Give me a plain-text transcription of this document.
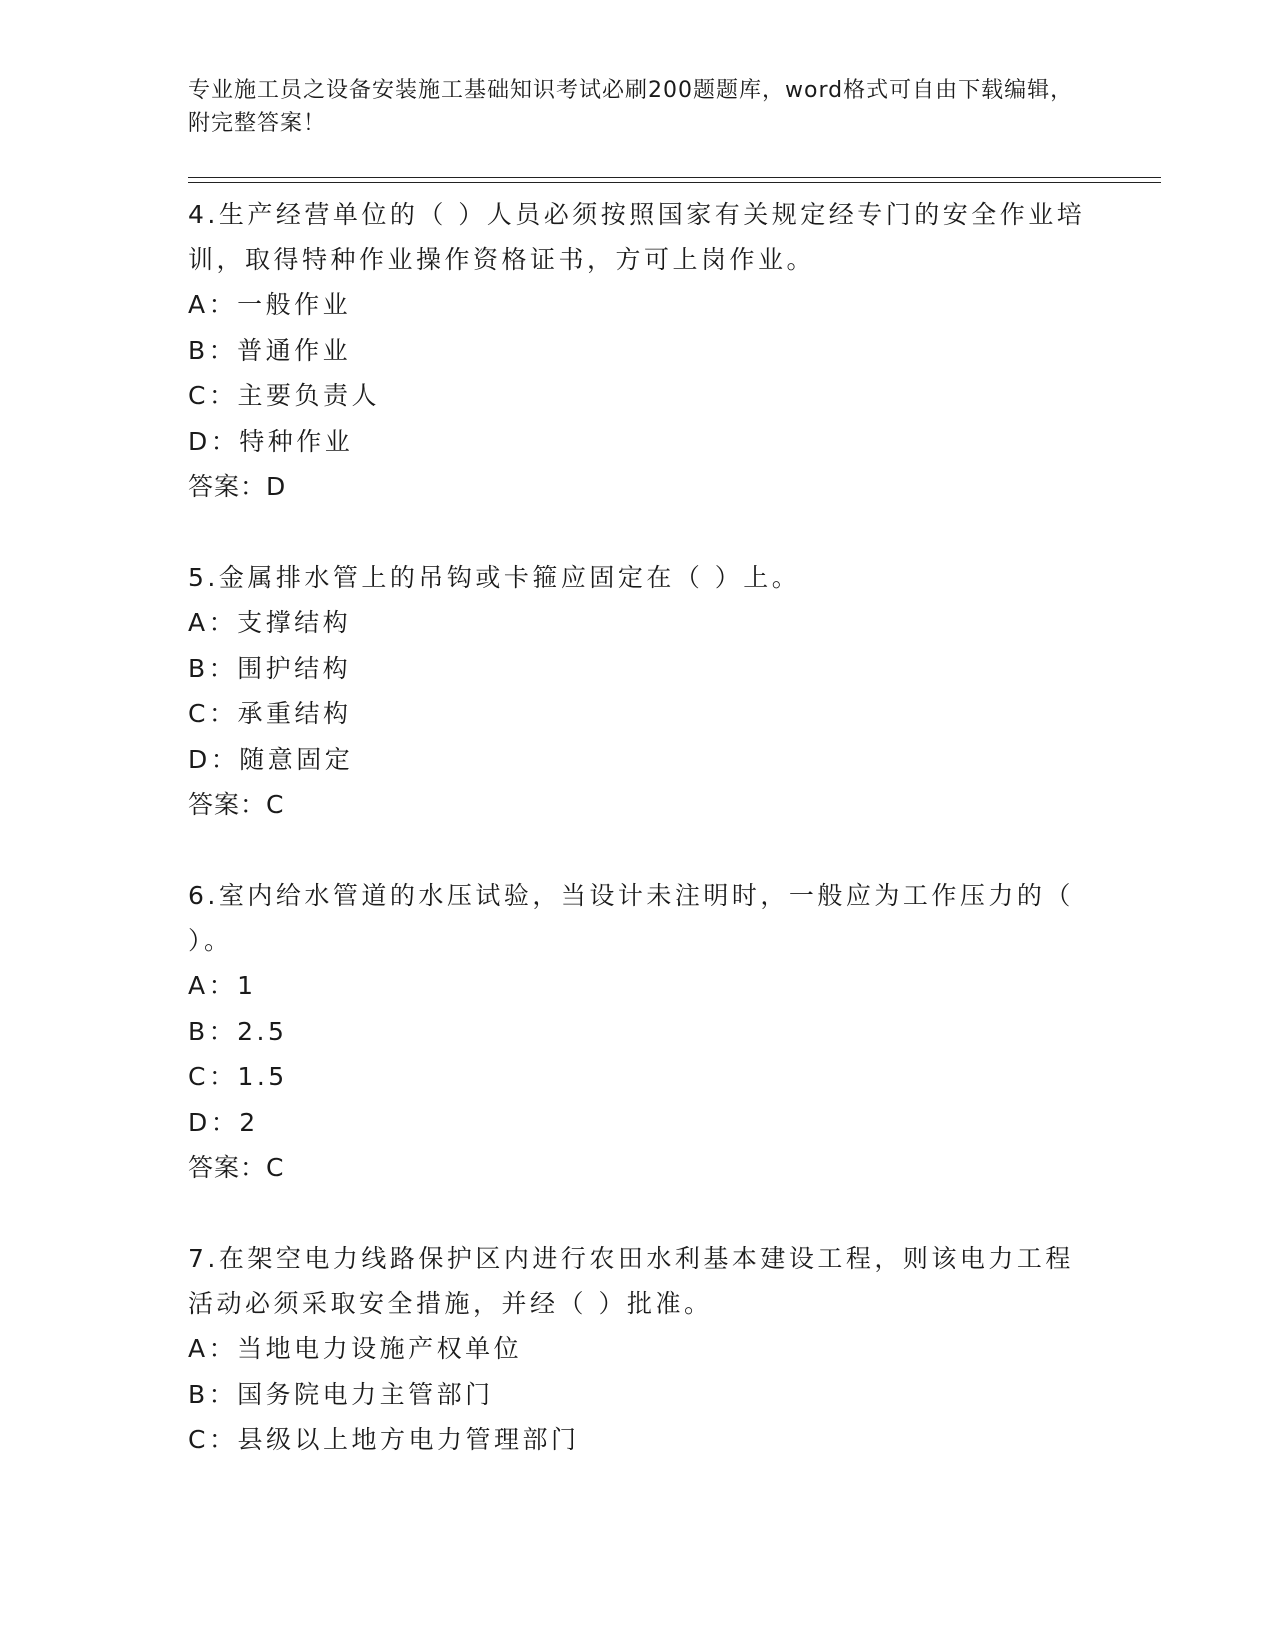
专业施工员之设备安装施工基础知识考试必刷200题题库，word格式可自由下载编辑，附完整答案！

4.生产经营单位的（ ）人员必须按照国家有关规定经专门的安全作业培训，取得特种作业操作资格证书，方可上岗作业。

A：一般作业

B：普通作业

C：主要负责人

D：特种作业

答案：D

5.金属排水管上的吊钩或卡箍应固定在（ ）上。

A：支撑结构

B：围护结构

C：承重结构

D：随意固定

答案：C

6.室内给水管道的水压试验，当设计未注明时，一般应为工作压力的（ ）。

A：1

B：2.5

C：1.5

D：2

答案：C

7.在架空电力线路保护区内进行农田水利基本建设工程，则该电力工程活动必须采取安全措施，并经（ ）批准。

A：当地电力设施产权单位

B：国务院电力主管部门

C：县级以上地方电力管理部门
